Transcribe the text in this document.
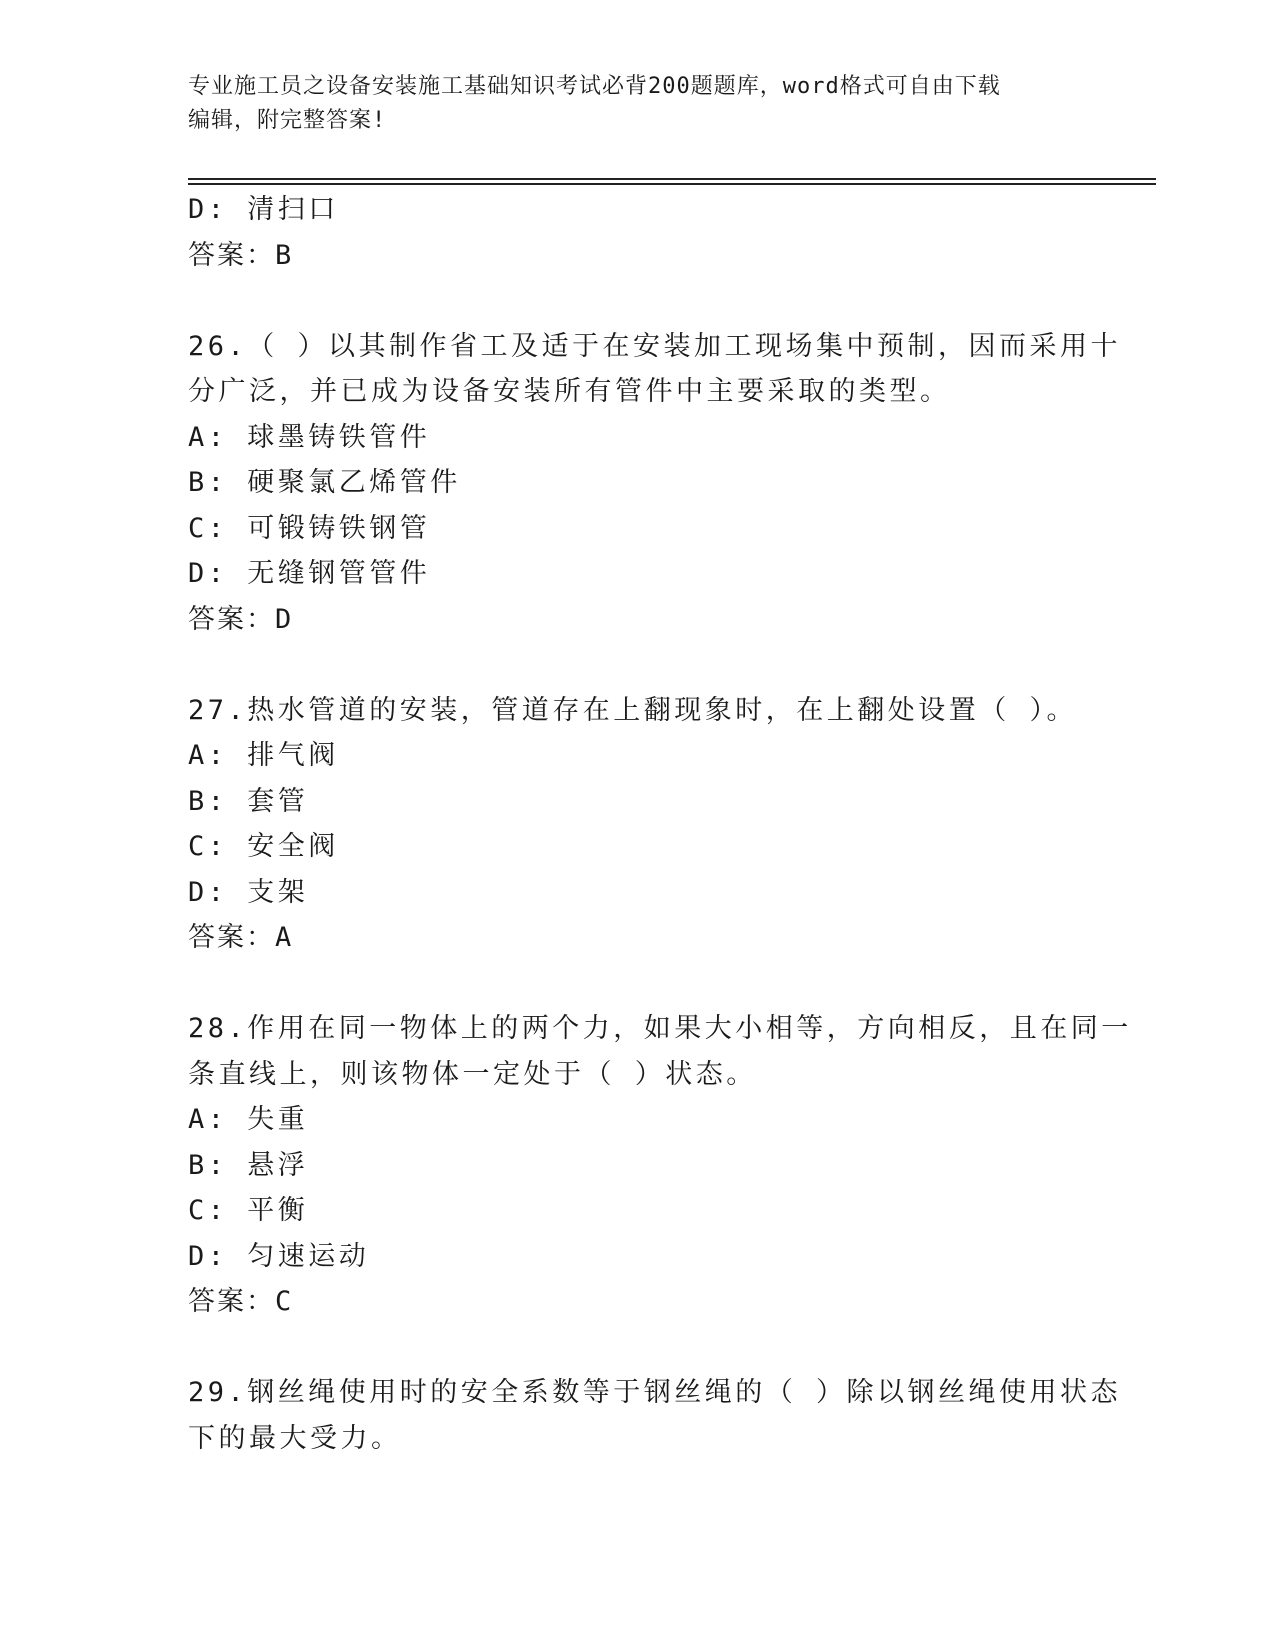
专业施工员之设备安装施工基础知识考试必背200题题库，word格式可自由下载
编辑，附完整答案!

D: 清扫口

答案：B

26.（ ）以其制作省工及适于在安装加工现场集中预制，因而采用十

分广泛，并已成为设备安装所有管件中主要采取的类型。

A: 球墨铸铁管件

B: 硬聚氯乙烯管件

C: 可锻铸铁钢管

D: 无缝钢管管件

答案：D

27.热水管道的安装，管道存在上翻现象时，在上翻处设置（ ）。

A: 排气阀

B: 套管

C: 安全阀

D: 支架

答案：A

28.作用在同一物体上的两个力，如果大小相等，方向相反，且在同一

条直线上，则该物体一定处于（ ）状态。

A: 失重

B: 悬浮

C: 平衡

D: 匀速运动

答案：C

29.钢丝绳使用时的安全系数等于钢丝绳的（ ）除以钢丝绳使用状态

下的最大受力。
